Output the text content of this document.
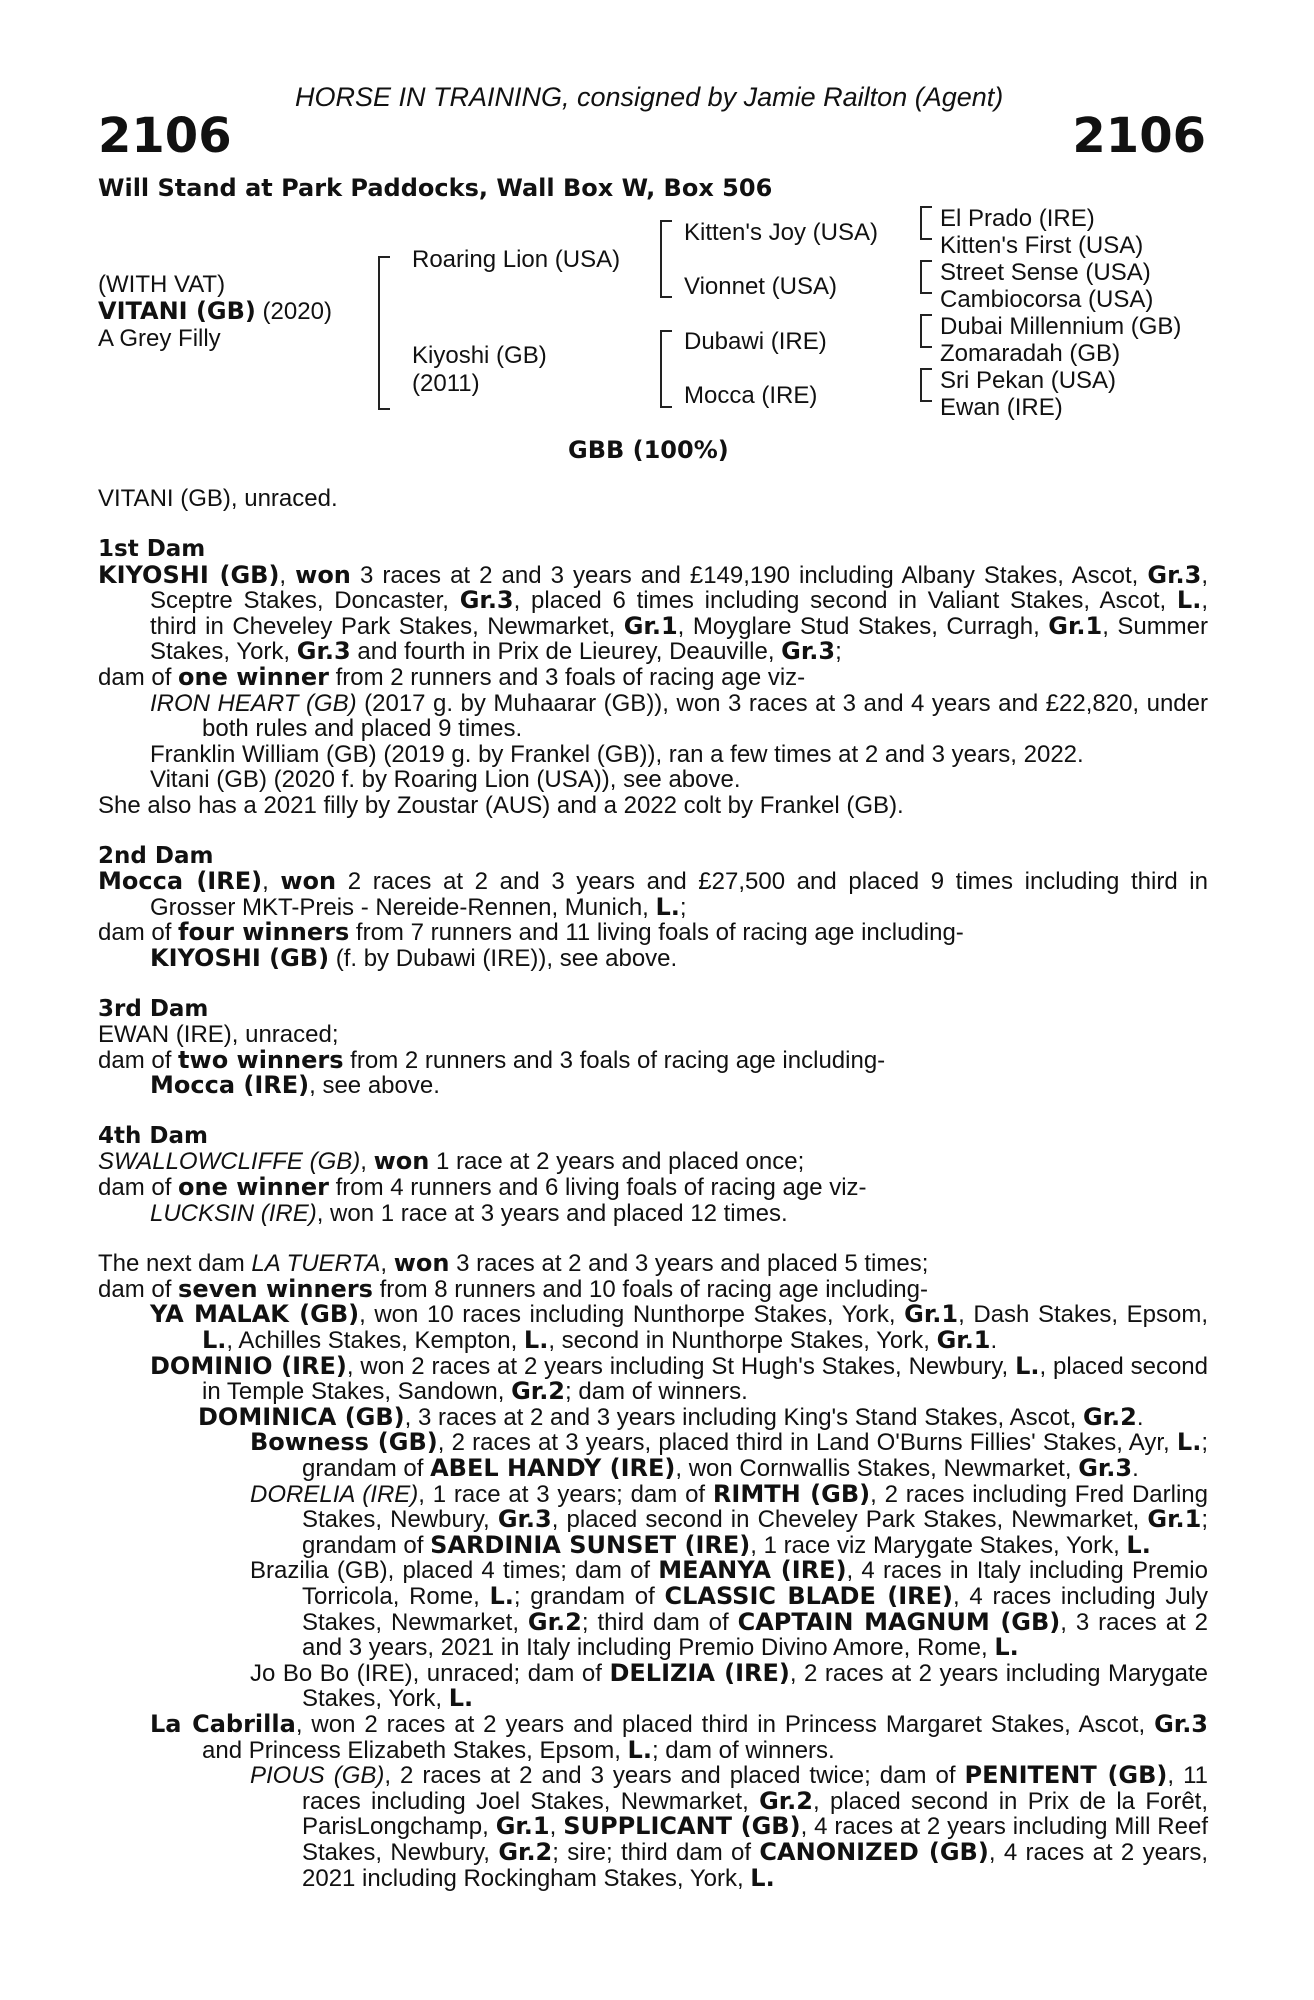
HORSE IN TRAINING, consigned by Jamie Railton (Agent)
2106	2106
Will Stand at Park Paddocks, Wall Box W, Box 506
(WITH VAT)
VITANI (GB) (2020)
A Grey Filly
Roaring Lion (USA)
Kiyoshi (GB)
(2011)
Kitten's Joy (USA)
Vionnet (USA)
Dubawi (IRE)
Mocca (IRE)
El Prado (IRE)
Kitten's First (USA)
Street Sense (USA)
Cambiocorsa (USA)
Dubai Millennium (GB)
Zomaradah (GB)
Sri Pekan (USA)
Ewan (IRE)
GBB (100%)
VITANI (GB), unraced.

1st Dam

KIYOSHI (GB), won 3 races at 2 and 3 years and £149,190 including Albany Stakes, Ascot, Gr.3, Sceptre Stakes, Doncaster, Gr.3, placed 6 times including second in Valiant Stakes, Ascot, L., third in Cheveley Park Stakes, Newmarket, Gr.1, Moyglare Stud Stakes, Curragh, Gr.1, Summer Stakes, York, Gr.3 and fourth in Prix de Lieurey, Deauville, Gr.3;

dam of one winner from 2 runners and 3 foals of racing age viz-

IRON HEART (GB) (2017 g. by Muhaarar (GB)), won 3 races at 3 and 4 years and £22,820, under both rules and placed 9 times.

Franklin William (GB) (2019 g. by Frankel (GB)), ran a few times at 2 and 3 years, 2022.

Vitani (GB) (2020 f. by Roaring Lion (USA)), see above.

She also has a 2021 filly by Zoustar (AUS) and a 2022 colt by Frankel (GB).

2nd Dam

Mocca (IRE), won 2 races at 2 and 3 years and £27,500 and placed 9 times including third in Grosser MKT-Preis - Nereide-Rennen, Munich, L.;

dam of four winners from 7 runners and 11 living foals of racing age including-

KIYOSHI (GB) (f. by Dubawi (IRE)), see above.

3rd Dam

EWAN (IRE), unraced;

dam of two winners from 2 runners and 3 foals of racing age including-

Mocca (IRE), see above.

4th Dam

SWALLOWCLIFFE (GB), won 1 race at 2 years and placed once;

dam of one winner from 4 runners and 6 living foals of racing age viz-

LUCKSIN (IRE), won 1 race at 3 years and placed 12 times.

The next dam LA TUERTA, won 3 races at 2 and 3 years and placed 5 times;

dam of seven winners from 8 runners and 10 foals of racing age including-

YA MALAK (GB), won 10 races including Nunthorpe Stakes, York, Gr.1, Dash Stakes, Epsom, L., Achilles Stakes, Kempton, L., second in Nunthorpe Stakes, York, Gr.1.

DOMINIO (IRE), won 2 races at 2 years including St Hugh's Stakes, Newbury, L., placed second in Temple Stakes, Sandown, Gr.2; dam of winners.

DOMINICA (GB), 3 races at 2 and 3 years including King's Stand Stakes, Ascot, Gr.2.

Bowness (GB), 2 races at 3 years, placed third in Land O'Burns Fillies' Stakes, Ayr, L.; grandam of ABEL HANDY (IRE), won Cornwallis Stakes, Newmarket, Gr.3.

DORELIA (IRE), 1 race at 3 years; dam of RIMTH (GB), 2 races including Fred Darling Stakes, Newbury, Gr.3, placed second in Cheveley Park Stakes, Newmarket, Gr.1; grandam of SARDINIA SUNSET (IRE), 1 race viz Marygate Stakes, York, L.

Brazilia (GB), placed 4 times; dam of MEANYA (IRE), 4 races in Italy including Premio Torricola, Rome, L.; grandam of CLASSIC BLADE (IRE), 4 races including July Stakes, Newmarket, Gr.2; third dam of CAPTAIN MAGNUM (GB), 3 races at 2 and 3 years, 2021 in Italy including Premio Divino Amore, Rome, L.

Jo Bo Bo (IRE), unraced; dam of DELIZIA (IRE), 2 races at 2 years including Marygate Stakes, York, L.

La Cabrilla, won 2 races at 2 years and placed third in Princess Margaret Stakes, Ascot, Gr.3 and Princess Elizabeth Stakes, Epsom, L.; dam of winners.

PIOUS (GB), 2 races at 2 and 3 years and placed twice; dam of PENITENT (GB), 11 races including Joel Stakes, Newmarket, Gr.2, placed second in Prix de la Forêt, ParisLongchamp, Gr.1, SUPPLICANT (GB), 4 races at 2 years including Mill Reef Stakes, Newbury, Gr.2; sire; third dam of CANONIZED (GB), 4 races at 2 years, 2021 including Rockingham Stakes, York, L.
